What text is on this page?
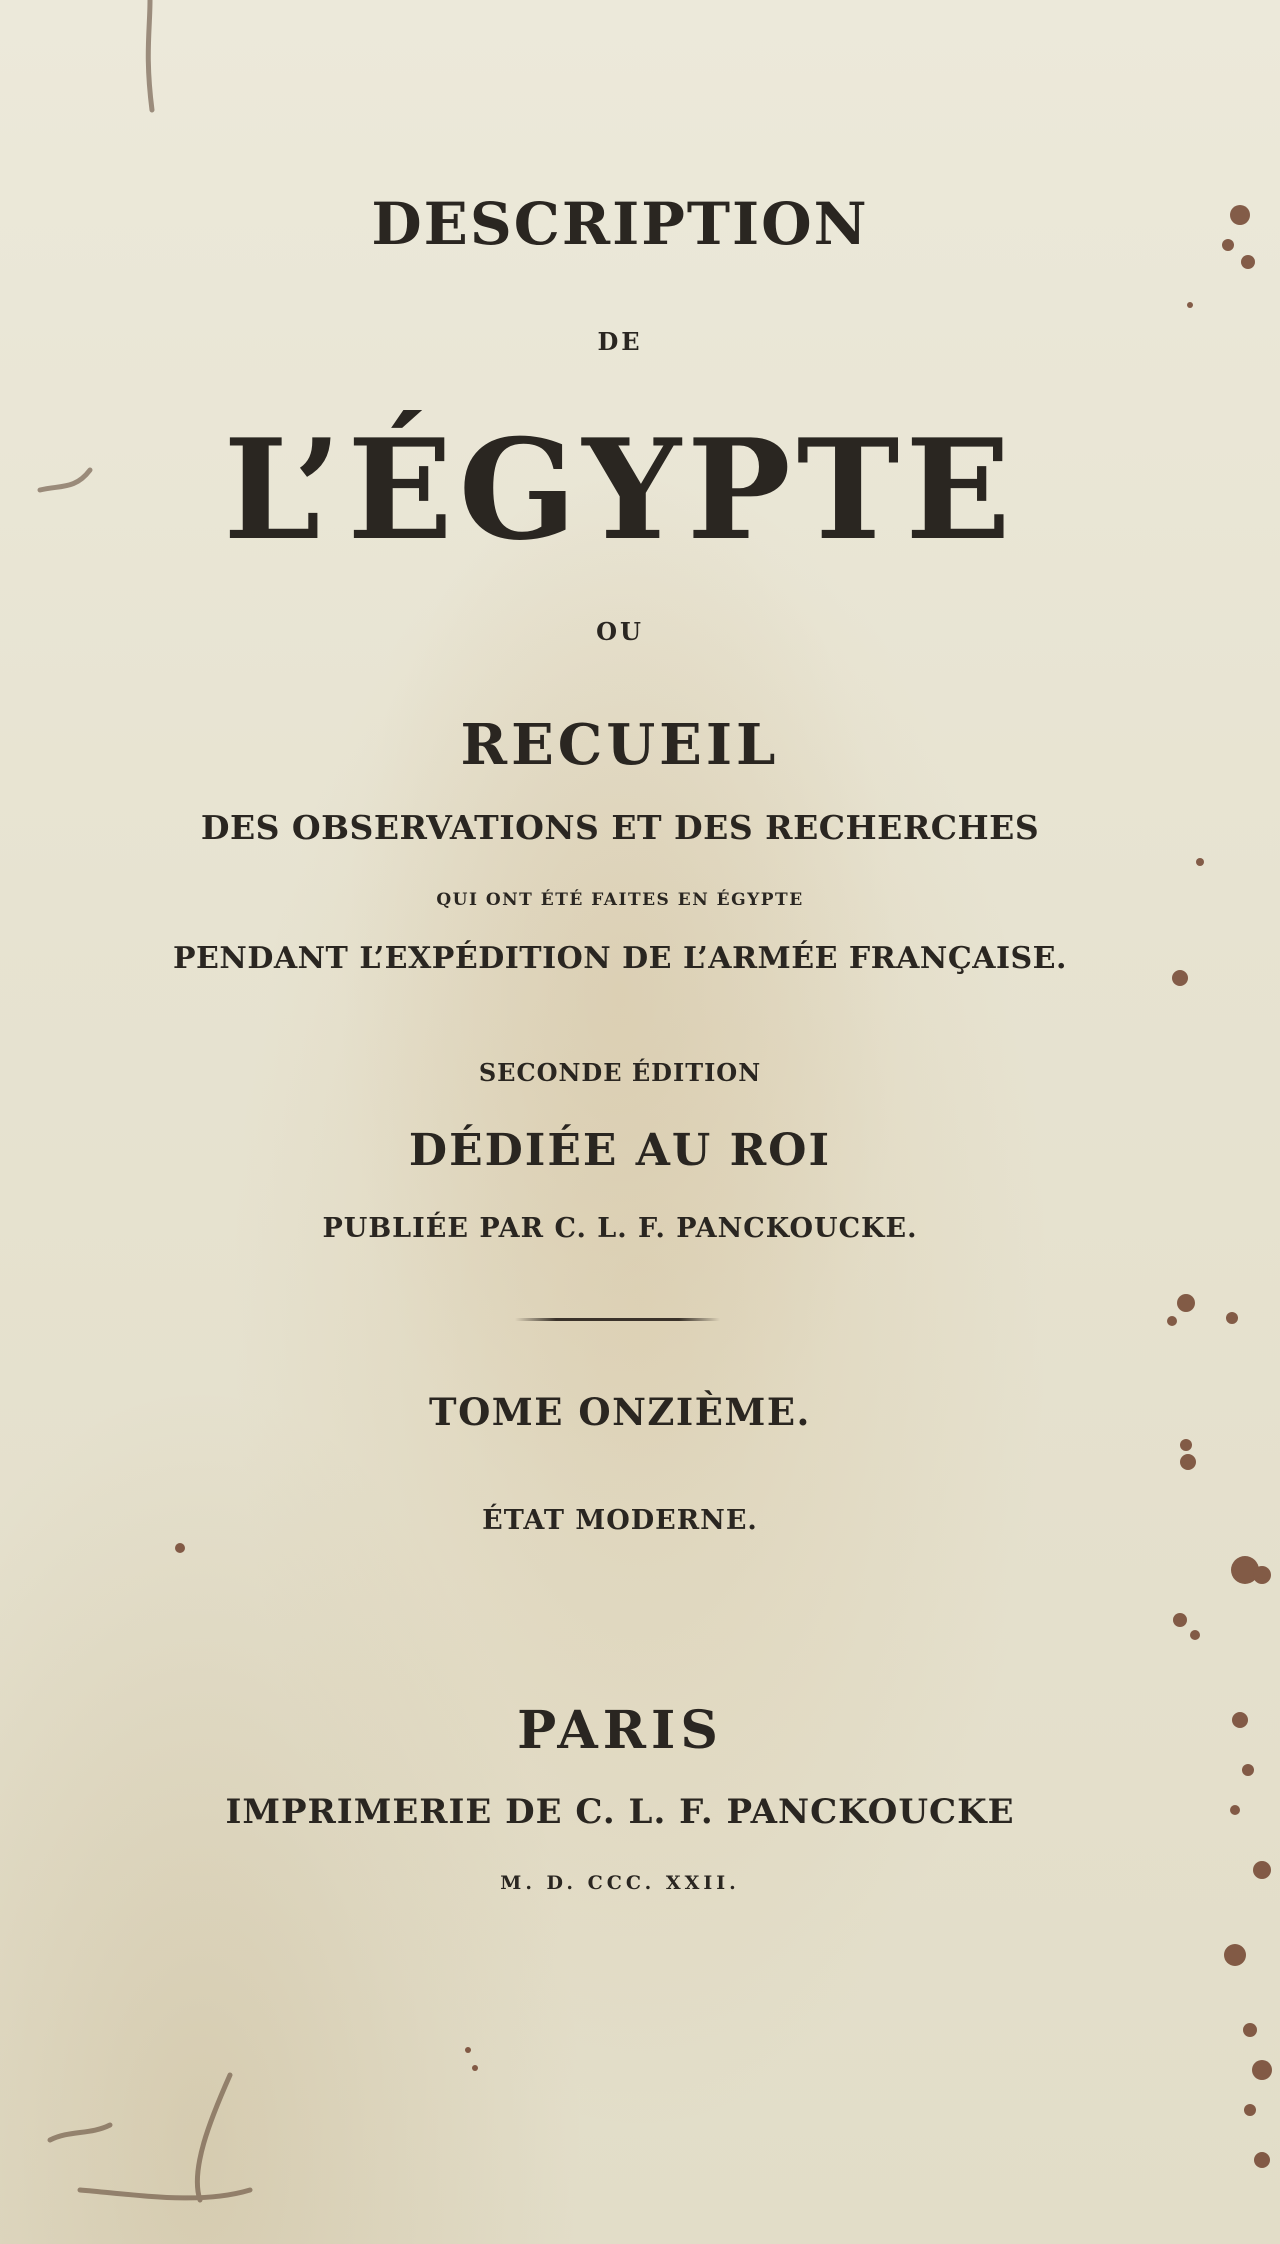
DESCRIPTION
DE
L’ÉGYPTE
OU
RECUEIL
DES OBSERVATIONS ET DES RECHERCHES
QUI ONT ÉTÉ FAITES EN ÉGYPTE
PENDANT L’EXPÉDITION DE L’ARMÉE FRANÇAISE.
SECONDE ÉDITION
DÉDIÉE AU ROI
PUBLIÉE PAR C. L. F. PANCKOUCKE.
TOME ONZIÈME.
ÉTAT MODERNE.
PARIS
IMPRIMERIE DE C. L. F. PANCKOUCKE
M. D. CCC. XXII.
